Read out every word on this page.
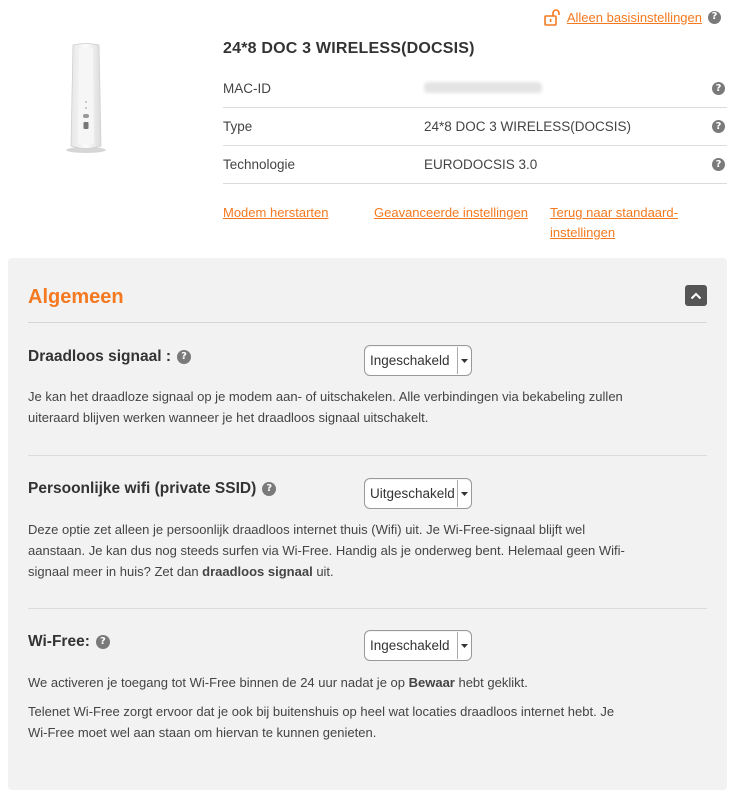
Alleen basisinstellingen ?
24*8 DOC 3 WIRELESS(DOCSIS)
MAC-ID	?
Type	24*8 DOC 3 WIRELESS(DOCSIS)	?
Technologie	EURODOCSIS 3.0	?
Modem herstarten	Geavanceerde instellingen	Terug naar standaard-
instellingen
Algemeen
Draadloos signaal :	?	Ingeschakeld
Je kan het draadloze signaal op je modem aan- of uitschakelen. Alle verbindingen via bekabeling zullen uiteraard blijven werken wanneer je het draadloos signaal uitschakelt.
Persoonlijke wifi (private SSID)	?	Uitgeschakeld
Deze optie zet alleen je persoonlijk draadloos internet thuis (Wifi) uit. Je Wi-Free-signaal blijft wel aanstaan. Je kan dus nog steeds surfen via Wi-Free. Handig als je onderweg bent. Helemaal geen Wifi-signaal meer in huis? Zet dan draadloos signaal uit.
Wi-Free:	?	Ingeschakeld
We activeren je toegang tot Wi-Free binnen de 24 uur nadat je op Bewaar hebt geklikt.
Telenet Wi-Free zorgt ervoor dat je ook bij buitenshuis op heel wat locaties draadloos internet hebt. Je Wi-Free moet wel aan staan om hiervan te kunnen genieten.
